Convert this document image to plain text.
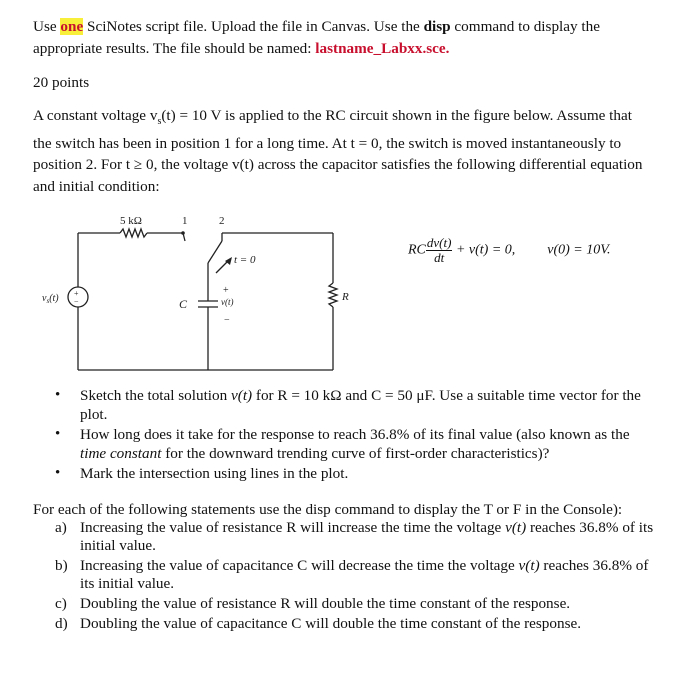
Use one SciNotes script file. Upload the file in Canvas. Use the disp command to display the appropriate results. The file should be named: lastname_Labxx.sce.
20 points
A constant voltage $v_s(t) = 10$ V is applied to the RC circuit shown in the figure below. Assume that the switch has been in position 1 for a long time. At t = 0, the switch is moved instantaneously to position 2. For t ≥ 0, the voltage v(t) across the capacitor satisfies the following differential equation and initial condition:
5 kΩ	1	2
t = 0
$v_s(t)$ +
−	C
+
v(t)
−
R
RC $\frac{dv(t)}{dt} + v(t) = 0$, v(0) = 10V.
• Sketch the total solution v(t) for R = 10 kΩ and C = 50 μF. Use a suitable time vector for the plot.
• How long does it take for the response to reach 36.8% of its final value (also known as the time constant for the downward trending curve of first-order characteristics)?
• Mark the intersection using lines in the plot.
For each of the following statements use the disp command to display the T or F in the Console):
a) Increasing the value of resistance R will increase the time the voltage v(t) reaches 36.8% of its initial value.
b) Increasing the value of capacitance C will decrease the time the voltage v(t) reaches 36.8% of its initial value.
c) Doubling the value of resistance R will double the time constant of the response.
d) Doubling the value of capacitance C will double the time constant of the response.
